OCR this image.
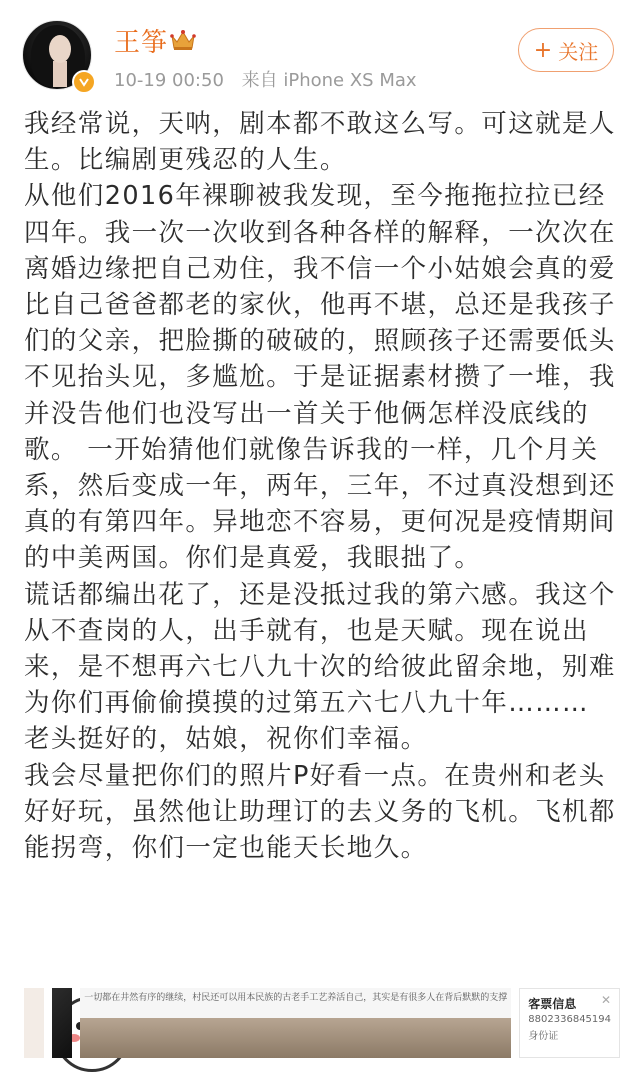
王筝
10-19 00:50 来自 iPhone XS Max
+ 关注

我经常说，天呐，剧本都不敢这么写。可这就是人生。比编剧更残忍的人生。

从他们2016年裸聊被我发现，至今拖拖拉拉已经四年。我一次一次收到各种各样的解释，一次次在离婚边缘把自己劝住，我不信一个小姑娘会真的爱比自己爸爸都老的家伙，他再不堪，总还是我孩子们的父亲，把脸撕的破破的，照顾孩子还需要低头不见抬头见，多尴尬。于是证据素材攒了一堆，我并没告他们也没写出一首关于他俩怎样没底线的歌。 一开始猜他们就像告诉我的一样，几个月关系，然后变成一年，两年，三年，不过真没想到还真的有第四年。异地恋不容易，更何况是疫情期间的中美两国。你们是真爱，我眼拙了。

谎话都编出花了，还是没抵过我的第六感。我这个从不查岗的人，出手就有，也是天赋。现在说出来，是不想再六七八九十次的给彼此留余地，别难为你们再偷偷摸摸的过第五六七八九十年……… 老头挺好的，姑娘，祝你们幸福。

我会尽量把你们的照片P好看一点。在贵州和老头好好玩，虽然他让助理订的去义务的飞机。飞机都能拐弯，你们一定也能天长地久。

一切都在井然有序的继续，村民还可以用本民族的古老手工艺养活自己，其实是有很多人在背后默默的支撑	✕
客票信息
8802336845194
身份证
